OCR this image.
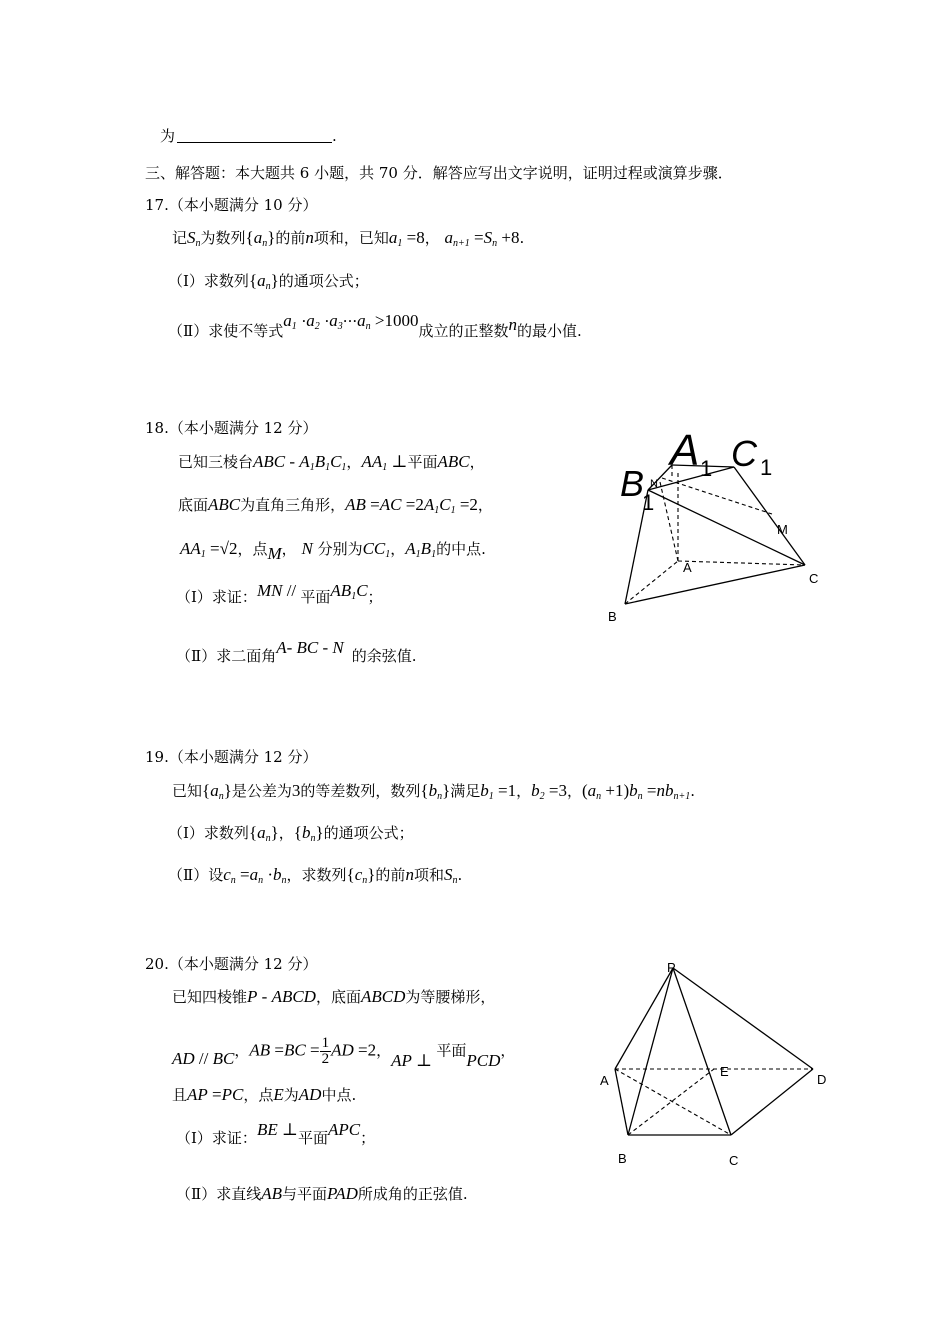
为	.
三、解答题：本大题共 6 小题，共 70 分．解答应写出文字说明，证明过程或演算步骤．
17.（本小题满分 10 分）
记$S_n$为数列$\{a_n\}$的前n项和，已知$a_1 =8$， $a_{n+1} =S_n +8$.
（Ⅰ）求数列$\{a_n\}$的通项公式；
（Ⅱ）求使不等式$a_1 \cdot a_2 \cdot a_3\cdot\cdot\cdot a_n >1000$成立的正整数n的最小值.
18.（本小题满分 12 分）
已知三棱台ABC - $A_1B_1C_1$，$AA_1$ ⊥平面ABC，
底面ABC为直角三角形，AB $=AC =2A_1C_1 =2$，
$AA_1 =√2$，点M， N 分别为$CC_1$，$A_1B_1$的中点.
（Ⅰ）求证：MN // 平面$AB_1C$；
（Ⅱ）求二面角A- BC - N 的余弦值.
A 1 C 1
B
1
N
M
A
C
B
19.（本小题满分 12 分）
已知$\{a_n\}$是公差为3的等差数列，数列$\{b_n\}$满足$b_1 =1$，$b_2 =3$，$(a_n +1)b_n =nb_{n+1}$.
（Ⅰ）求数列$\{a_n\}$，$\{b_n\}$的通项公式；
（Ⅱ）设$c_n =a_n \cdot b_n$，求数列$\{c_n\}$的前n项和$S_n$.
20.（本小题满分 12 分）
已知四棱锥P - ABCD，底面ABCD为等腰梯形，
AD // BC，AB $=BC = \frac{1}{2}$ AD =2，AP ⊥ 平面PCD，
且AP =PC，点E为AD中点.
（Ⅰ）求证：BE ⊥平面APC；
（Ⅱ）求直线AB与平面PAD所成角的正弦值.
P
A
E
D
B	C
